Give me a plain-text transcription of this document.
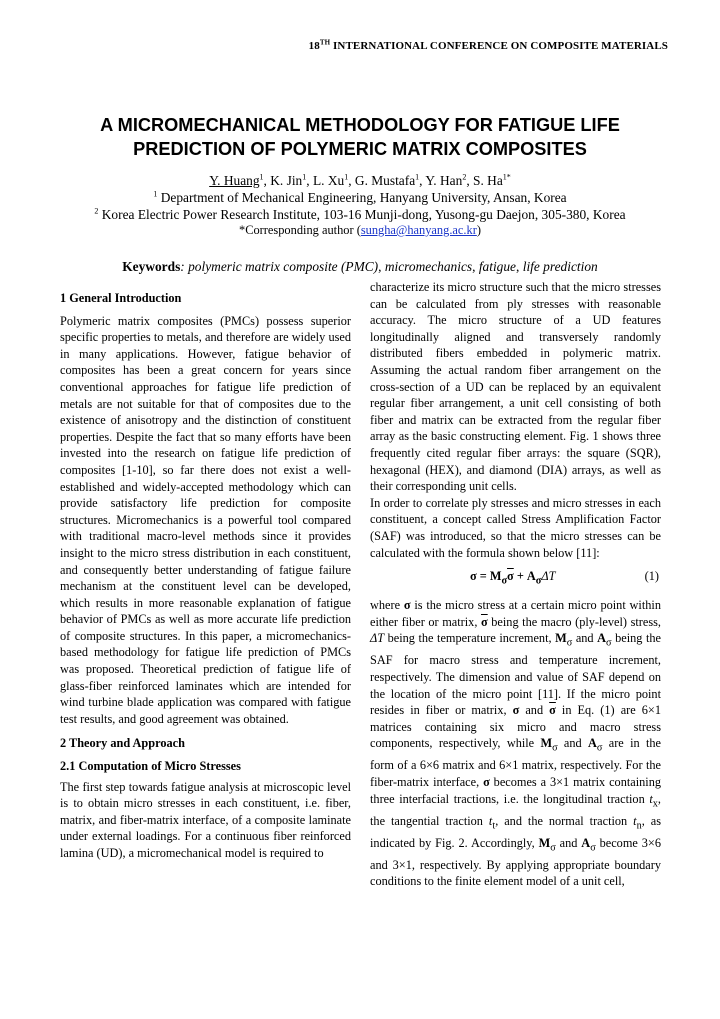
18TH INTERNATIONAL CONFERENCE ON COMPOSITE MATERIALS
A MICROMECHANICAL METHODOLOGY FOR FATIGUE LIFE
PREDICTION OF POLYMERIC MATRIX COMPOSITES
Y. Huang$^1$, K. Jin$^1$, L. Xu$^1$, G. Mustafa$^1$, Y. Han$^2$, S. $Ha^{1*}$
$^1$ Department of Mechanical Engineering, Hanyang University, Ansan, Korea
$^2$ Korea Electric Power Research Institute, 103-16 Munji-dong, Yusong-gu Daejon, 305-380, Korea
*Corresponding author (sungha@hanyang.ac.kr)
Keywords: polymeric matrix composite (PMC), micromechanics, fatigue, life prediction

1 General Introduction

Polymeric matrix composites (PMCs) possess superior specific properties to metals, and therefore are widely used in many applications. However, fatigue behavior of composites has been a great concern for years since conventional approaches for fatigue life prediction of metals are not suitable for that of composites due to the existence of anisotropy and the distinction of constituent properties. Despite the fact that so many efforts have been invested into the research on fatigue life prediction of composites [1-10], so far there does not exist a well-established and widely-accepted methodology which can provide satisfactory life prediction for composite structures. Micromechanics is a powerful tool compared with traditional macro-level methods since it provides insight to the micro stress distribution in each constituent, and consequently better understanding of fatigue failure mechanism at the constituent level can be developed, which results in more reasonable explanation of fatigue behavior of PMCs as well as more accurate life prediction of composite structures. In this paper, a micromechanics-based methodology for fatigue life prediction of PMCs was proposed. Theoretical prediction of fatigue life of glass-fiber reinforced laminates which are intended for wind turbine blade application was compared with fatigue test results, and good agreement was obtained.

2 Theory and Approach

2.1 Computation of Micro Stresses

The first step towards fatigue analysis at microscopic level is to obtain micro stresses in each constituent, i.e. fiber, matrix, and fiber-matrix interface, of a composite laminate under external loadings. For a continuous fiber reinforced lamina (UD), a micromechanical model is required to

characterize its micro structure such that the micro stresses can be calculated from ply stresses with reasonable accuracy. The micro structure of a UD features longitudinally aligned and transversely randomly distributed fibers embedded in polymeric matrix. Assuming the actual random fiber arrangement on the cross-section of a UD can be replaced by an equivalent regular fiber arrangement, a unit cell consisting of both fiber and matrix can be extracted from the regular fiber array as the basic constructing element. Fig. 1 shows three frequently cited regular fiber arrays: the square (SQR), hexagonal (HEX), and diamond (DIA) arrays, as well as their corresponding unit cells.

In order to correlate ply stresses and micro stresses in each constituent, a concept called Stress Amplification Factor (SAF) was introduced, so that the micro stresses can be calculated with the formula shown below [11]:

$\sigma = M_\sigma\overline{\sigma} + A_\sigma\Delta T$	(1)

where σ is the micro stress at a certain micro point within either fiber or matrix, $\overline{\sigma}$ being the macro (ply-level) stress, ΔT being the temperature increment, $M_\sigma$ and $A_\sigma$ being the SAF for macro stress and temperature increment, respectively. The dimension and value of SAF depend on the location of the micro point [11]. If the micro point resides in fiber or matrix, σ and $\overline{\sigma}$ in Eq. (1) are 6×1 matrices containing six micro and macro stress components, respectively, while $M_\sigma$ and $A_\sigma$ are in the form of a 6×6 matrix and 6×1 matrix, respectively. For the fiber-matrix interface, σ becomes a 3×1 matrix containing three interfacial tractions, i.e. the longitudinal traction $t_x$, the tangential traction $t_t$, and the normal traction $t_n$, as indicated by Fig. 2. Accordingly, $M_\sigma$ and $A_\sigma$ become 3×6 and 3×1, respectively. By applying appropriate boundary conditions to the finite element model of a unit cell,
